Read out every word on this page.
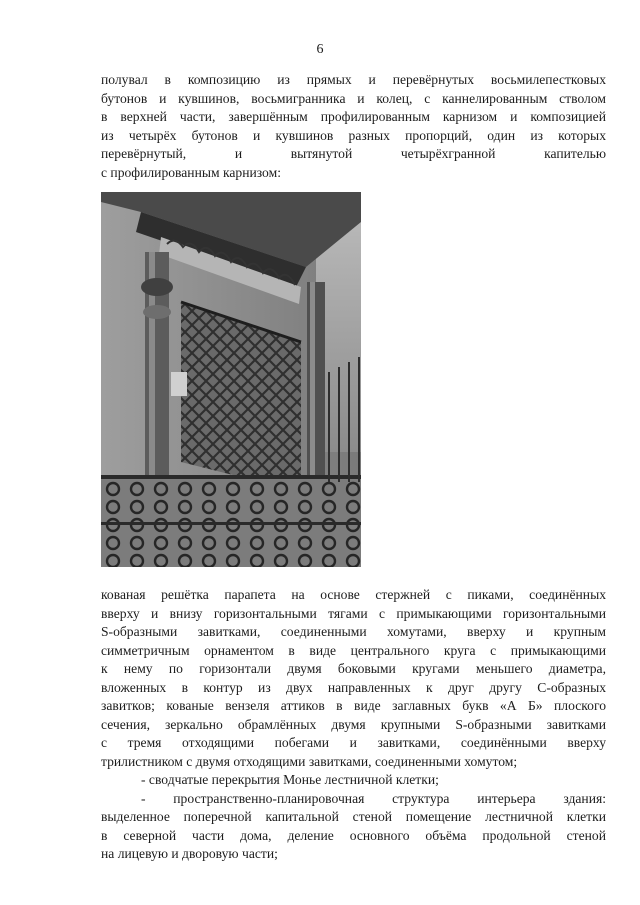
6
полувал в композицию из прямых и перевёрнутых восьмилепестковых
бутонов и кувшинов, восьмигранника и колец, с каннелированным стволом
в верхней части, завершённым профилированным карнизом и композицией
из четырёх бутонов и кувшинов разных пропорций, один из которых
перевёрнутый, и вытянутой четырёхгранной капителью
с профилированным карнизом:
кованая решётка парапета на основе стержней с пиками, соединённых
вверху и внизу горизонтальными тягами с примыкающими горизонтальными
S-образными завитками, соединенными хомутами, вверху и крупным
симметричным орнаментом в виде центрального круга с примыкающими
к нему по горизонтали двумя боковыми кругами меньшего диаметра,
вложенных в контур из двух направленных к друг другу С-образных
завитков; кованые вензеля аттиков в виде заглавных букв «А Б» плоского
сечения, зеркально обрамлённых двумя крупными S-образными завитками
с тремя отходящими побегами и завитками, соединёнными вверху
трилистником с двумя отходящими завитками, соединенными хомутом;
- сводчатые перекрытия Монье лестничной клетки;
- пространственно-планировочная структура интерьера здания:
выделенное поперечной капитальной стеной помещение лестничной клетки
в северной части дома, деление основного объёма продольной стеной
на лицевую и дворовую части;
